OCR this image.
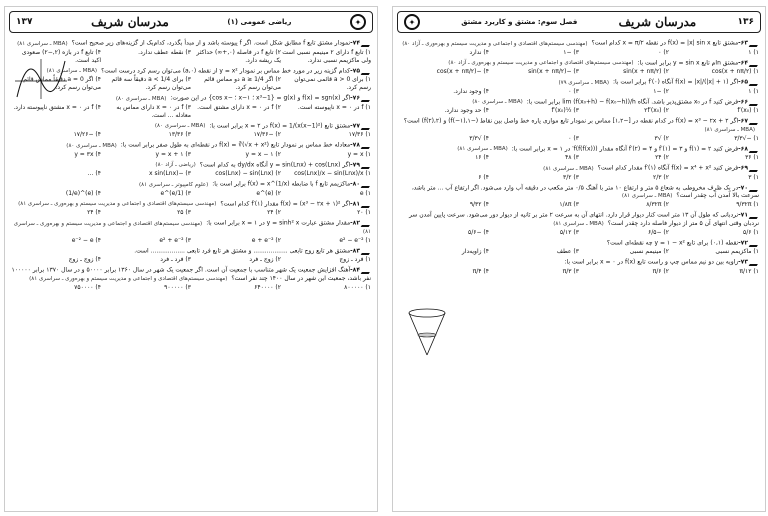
۱۳۷	مدرسان شریف	ریاضی عمومی (۱)	✦
۷۴-نمودار مشتق تابع f مطابق شکل است. اگر f پیوسته باشد و از مبدأ بگذرد، کدام‌یک از گزینه‌های زیر صحیح است؟(MBA ـ سراسری ۸۱)
۱) تابع f دارای ۲ مینیمم نسبی است ولی ماکزیمم نسبی ندارد.
۲) تابع f در فاصله (۰,+∞) حداکثر یک ریشه دارد.
۳) نقطه عطف ندارد.
۴) تابع f در بازه (۲,−۲) صعودی اکید است.
۷۵-کدام گزینه زیر در مورد خط مماس بر نمودار y = x² از نقطه (۰,a) می‌توان رسم کرد درست است؟(MBA ـ سراسری ۸۱)
۱) برای a > 0 قائمی نمی‌توان رسم کرد.
۲) اگر a ≥ 1/4 دو مماس قائم می‌توان رسم کرد.
۳) برای a < 1/4 دقیقاً سه قائم می‌توان رسم کرد.
۴) اگر a = 0 دقیقاً مماس قائم می‌توان رسم کرد.
۷۶-اگر f(x) = sgn(x) و g(x) = {x³−1 ؛ ۱−x ؛ −cos x} در این صورت:(MBA ـ سراسری ۸۰)
۱) f در x = ۰ ناپیوسته است.
۲) f در x = ۰ دارای مشتق است.
۳) f در x = ۰ دارای مماس به معادله ... است.
۴) f در x = ۰ مشتق ناپیوسته دارد.
۷۷-مشتق تابع f(x) = 1/(x(x−1)²) در x = ۲ برابر است با:(MBA ـ سراسری ۸۰)
۱) ۱۷/۳۶
۲) −۱۷/۳۶
۳) ۱۳/۳۶
۴) −۱۷/۲۶
۷۸-معادله خط مماس بر نمودار تابع f(x) = ∛(√x + x²) در نقطه‌ای به طول صفر برابر است با:(MBA ـ سراسری ۸۰)
۱) y = x
۲) y = x − ۱
۳) y = x + ۱
۴) y = ۳x
۷۹-اگر y = sin(Lnx) + cos(Lnx) آنگاه dy/dx به کدام است؟(ریاضی ـ آزاد ۸۰)
۱) cos(Lnx)/x − sin(Lnx)/x
۲) cos(Lnx) − sin(Lnx)
۳) −x sin(Lnx)
۴) ...
۸۰-ماکزیمم تابع f با ضابطه f(x) = x^(1/x) برابر است با:(علوم کامپیوتر ـ سراسری ۸۱)
۱) e
۲) (e)^e
۳) (1/e)^e
۴) (e)^(1/e)
۸۱-اگر f(x) = (x³ − ۲x + ۱)² مقدار f′(۱) کدام است؟(مهندسی سیستم‌های اقتصادی و اجتماعی و مدیریت سیستم و بهره‌وری ـ سراسری ۸۱)
۱) ۲۰
۲) ۲۴
۳) ۲۵
۴) ۲۴
۸۲-مقدار مشتق عبارت y = sinh² x در x = ۱ برابر است با:(مهندسی سیستم‌های اقتصادی و اجتماعی و مدیریت سیستم و بهره‌وری ـ سراسری ۸۱)
۱) e² − e⁻²
۲) e + e⁻²
۳) e² + e⁻²
۴) e⁻² − e
۸۳-مشتق هر تابع زوج تابعی .................. و مشتق هر تابع فرد تابعی .................. است.
۱) فرد ـ زوج
۲) زوج ـ فرد
۳) فرد ـ فرد
۴) زوج ـ زوج
۸۴-آهنگ افزایش جمعیت یک شهر متناسب با جمعیت آن است. اگر جمعیت یک شهر در سال ۱۳۶۰ برابر ۵۰۰۰۰ و در سال ۱۳۷۰ برابر ۱۰۰۰۰۰ نفر باشد، جمعیت این شهر در سال ۱۴۰۰ چند نفر است؟(مهندسی سیستم‌های اقتصادی و اجتماعی و مدیریت سیستم و بهره‌وری ـ سراسری ۸۱)
۱) ۸۰۰۰۰۰
۲) ۶۴۰۰۰۰
۳) ۹۰۰۰۰۰
۴) ۷۵۰۰۰۰
✦	فصل سوم: مشتق و کاربرد مشتق	مدرسان شریف	۱۳۶
۶۳-مشتق تابع f(x) = |x| sin x در نقطه x = π/۲ کدام است؟(مهندسی سیستم‌های اقتصادی و اجتماعی و مدیریت سیستم و بهره‌وری ـ آزاد ۸۰)
۱) ۱
۲) ۰
۳) −۱
۴) ندارد
۶۴-مشتق n‌ام تابع y = sin x برابر است با:(مهندسی سیستم‌های اقتصادی و اجتماعی و مدیریت سیستم و بهره‌وری ـ آزاد ۸۰)
۱) cos(x + nπ/۲)
۲) sin(x + nπ/۲)
۳) −sin(x + nπ/۲)
۴) −cos(x + nπ/۲)
۶۵-اگر f(x) = |x|/(|x| + ۱) آنگاه f′(۰) برابر است با:(MBA ـ سراسری ۷۹)
۱) ۱
۲) −۱
۳) ۰
۴) وجود ندارد.
۶۶-فرض کنید f در x₀ مشتق‌پذیر باشد. آنگاه lim (f(x₀+h) − f(x₀−h))/h برابر است با:(MBA ـ سراسری ۸۰)
۱) f′(x₀)
۲) ۲f′(x₀)
۳) ½f′(x₀)
۴) حد وجود ندارد.
۶۷-اگر f(x) = x³ − ۲x + ۲ در کدام نقطه در [−۱,۲] مماس بر نمودار تابع موازی پاره خط واصل بین نقاط (−۱,f(−۱)) و (۲,f(۲)) است؟(MBA ـ سراسری ۸۱)
۱) −√۳/۳
۲) √۳
۳) ۰
۴) √۳/۳
۶۸-فرض کنید f(۱) = ۲ و f′(۱) = ۳ و f′(۲) = ۴ آنگاه مقدار f(f(f(x)))′ در x = ۱ برابر است با:(MBA ـ سراسری ۸۱)
۱) ۳۶
۲) ۲۴
۳) ۴۸
۴) ۱۶
۶۹-فرض کنید f(x) = x⁴ + x² آنگاه f′(۱) مقدار کدام است؟(MBA ـ سراسری ۸۱)
۱) ۳
۲) ۲/۳
۳) ۳/۲
۴) ۶
۷۰-در یک ظرف مخروطی به شعاع ۵ متر و ارتفاع ۱۰ متر با آهنگ ۰/۵ متر مکعب در دقیقه آب وارد می‌شود. اگر ارتفاع آب ... متر باشد، سرعت بالا آمدن آب چقدر است؟(MBA ـ سراسری ۸۱)
۱) ۹/۳۲π
۲) ۸/۳۲π
۳) ۱/۸π
۴) ۹/۳۲
۷۱-نردبانی که طول آن ۱۳ متر است کنار دیوار قرار دارد. انتهای آن به سرعت ۲ متر بر ثانیه از دیوار دور می‌شود. سرعت پایین آمدن سر نردبان وقتی انتهای آن ۵ متر از دیوار فاصله دارد چقدر است؟(MBA ـ سراسری ۸۱)
۱) ۵/۶
۲) −۶/۵
۳) ۵/۱۲
۴) −۵/۶
۷۲-نقطه (۰,۱) برای تابع y = ۱ − x² چه نقطه‌ای است؟
۱) ماکزیمم نسبی
۲) مینیمم نسبی
۳) عطف
۴) زاویه‌دار
۷۳-زاویه بین دو نیم مماس چپ و راست تابع f(x) در x = ۰ برابر است با:
۱) π/۱۲
۲) π/۶
۳) π/۳
۴) π/۴
